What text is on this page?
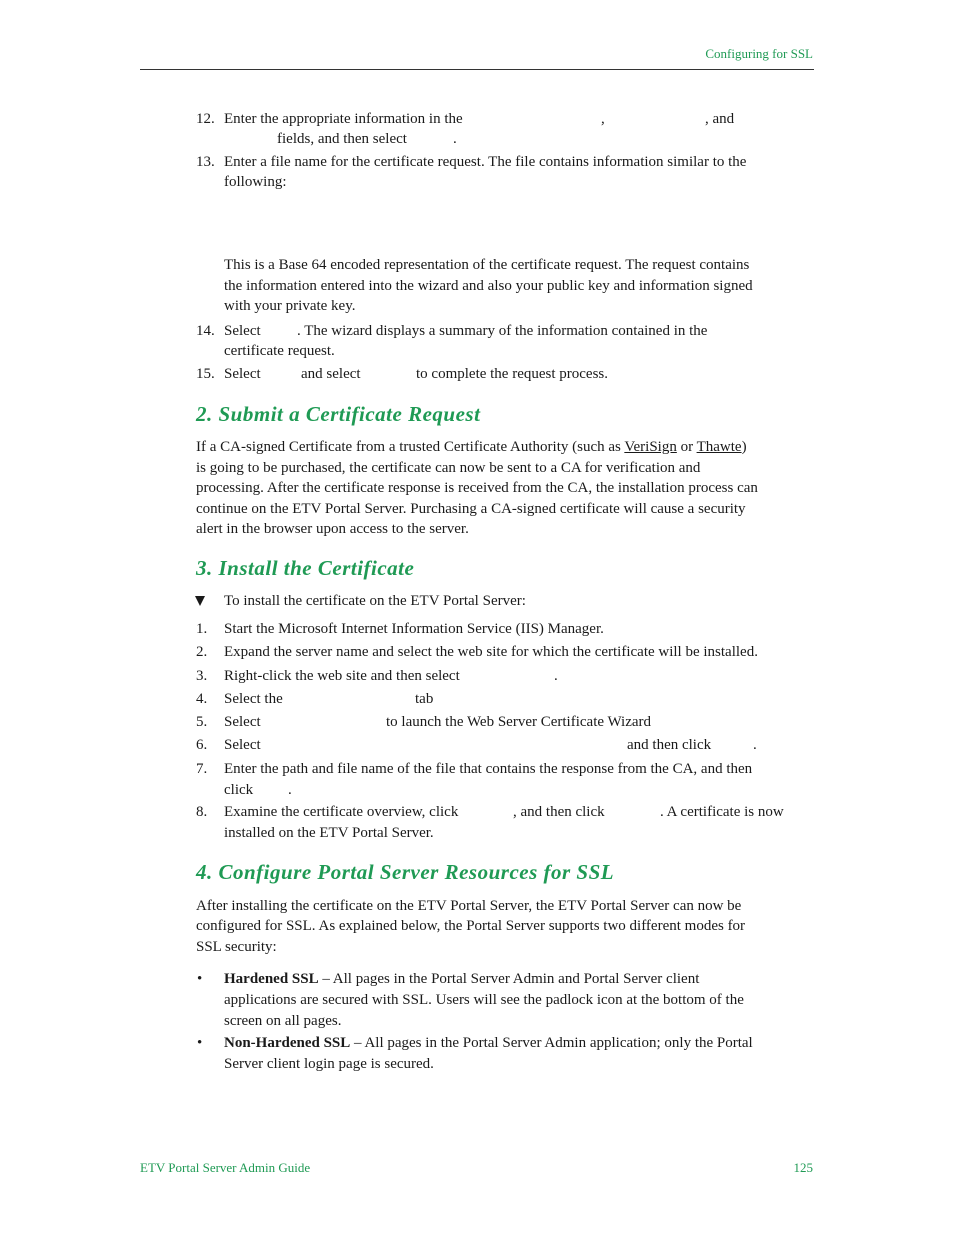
Configuring for SSL
12. Enter the appropriate information in the	,	, and
fields, and then select	.
13. Enter a file name for the certificate request. The file contains information similar to the
following:
This is a Base 64 encoded representation of the certificate request. The request contains
the information entered into the wizard and also your public key and information signed
with your private key.
14. Select . The wizard displays a summary of the information contained in the
certificate request.
15. Select	and select	to complete the request process.
2. Submit a Certificate Request
If a CA-signed Certificate from a trusted Certificate Authority (such as VeriSign or Thawte)
is going to be purchased, the certificate can now be sent to a CA for verification and
processing. After the certificate response is received from the CA, the installation process can
continue on the ETV Portal Server. Purchasing a CA-signed certificate will cause a security
alert in the browser upon access to the server.
3. Install the Certificate
To install the certificate on the ETV Portal Server:
1. Start the Microsoft Internet Information Service (IIS) Manager.
2. Expand the server name and select the web site for which the certificate will be installed.
3. Right-click the web site and then select	.
4. Select the	tab
5. Select	to launch the Web Server Certificate Wizard
6. Select	and then click	.
7. Enter the path and file name of the file that contains the response from the CA, and then
click .
8. Examine the certificate overview, click	, and then click	. A certificate is now
installed on the ETV Portal Server.
4. Configure Portal Server Resources for SSL
After installing the certificate on the ETV Portal Server, the ETV Portal Server can now be
configured for SSL. As explained below, the Portal Server supports two different modes for
SSL security:
• Hardened SSL – All pages in the Portal Server Admin and Portal Server client
applications are secured with SSL. Users will see the padlock icon at the bottom of the
screen on all pages.
• Non-Hardened SSL – All pages in the Portal Server Admin application; only the Portal
Server client login page is secured.
ETV Portal Server Admin Guide	125
